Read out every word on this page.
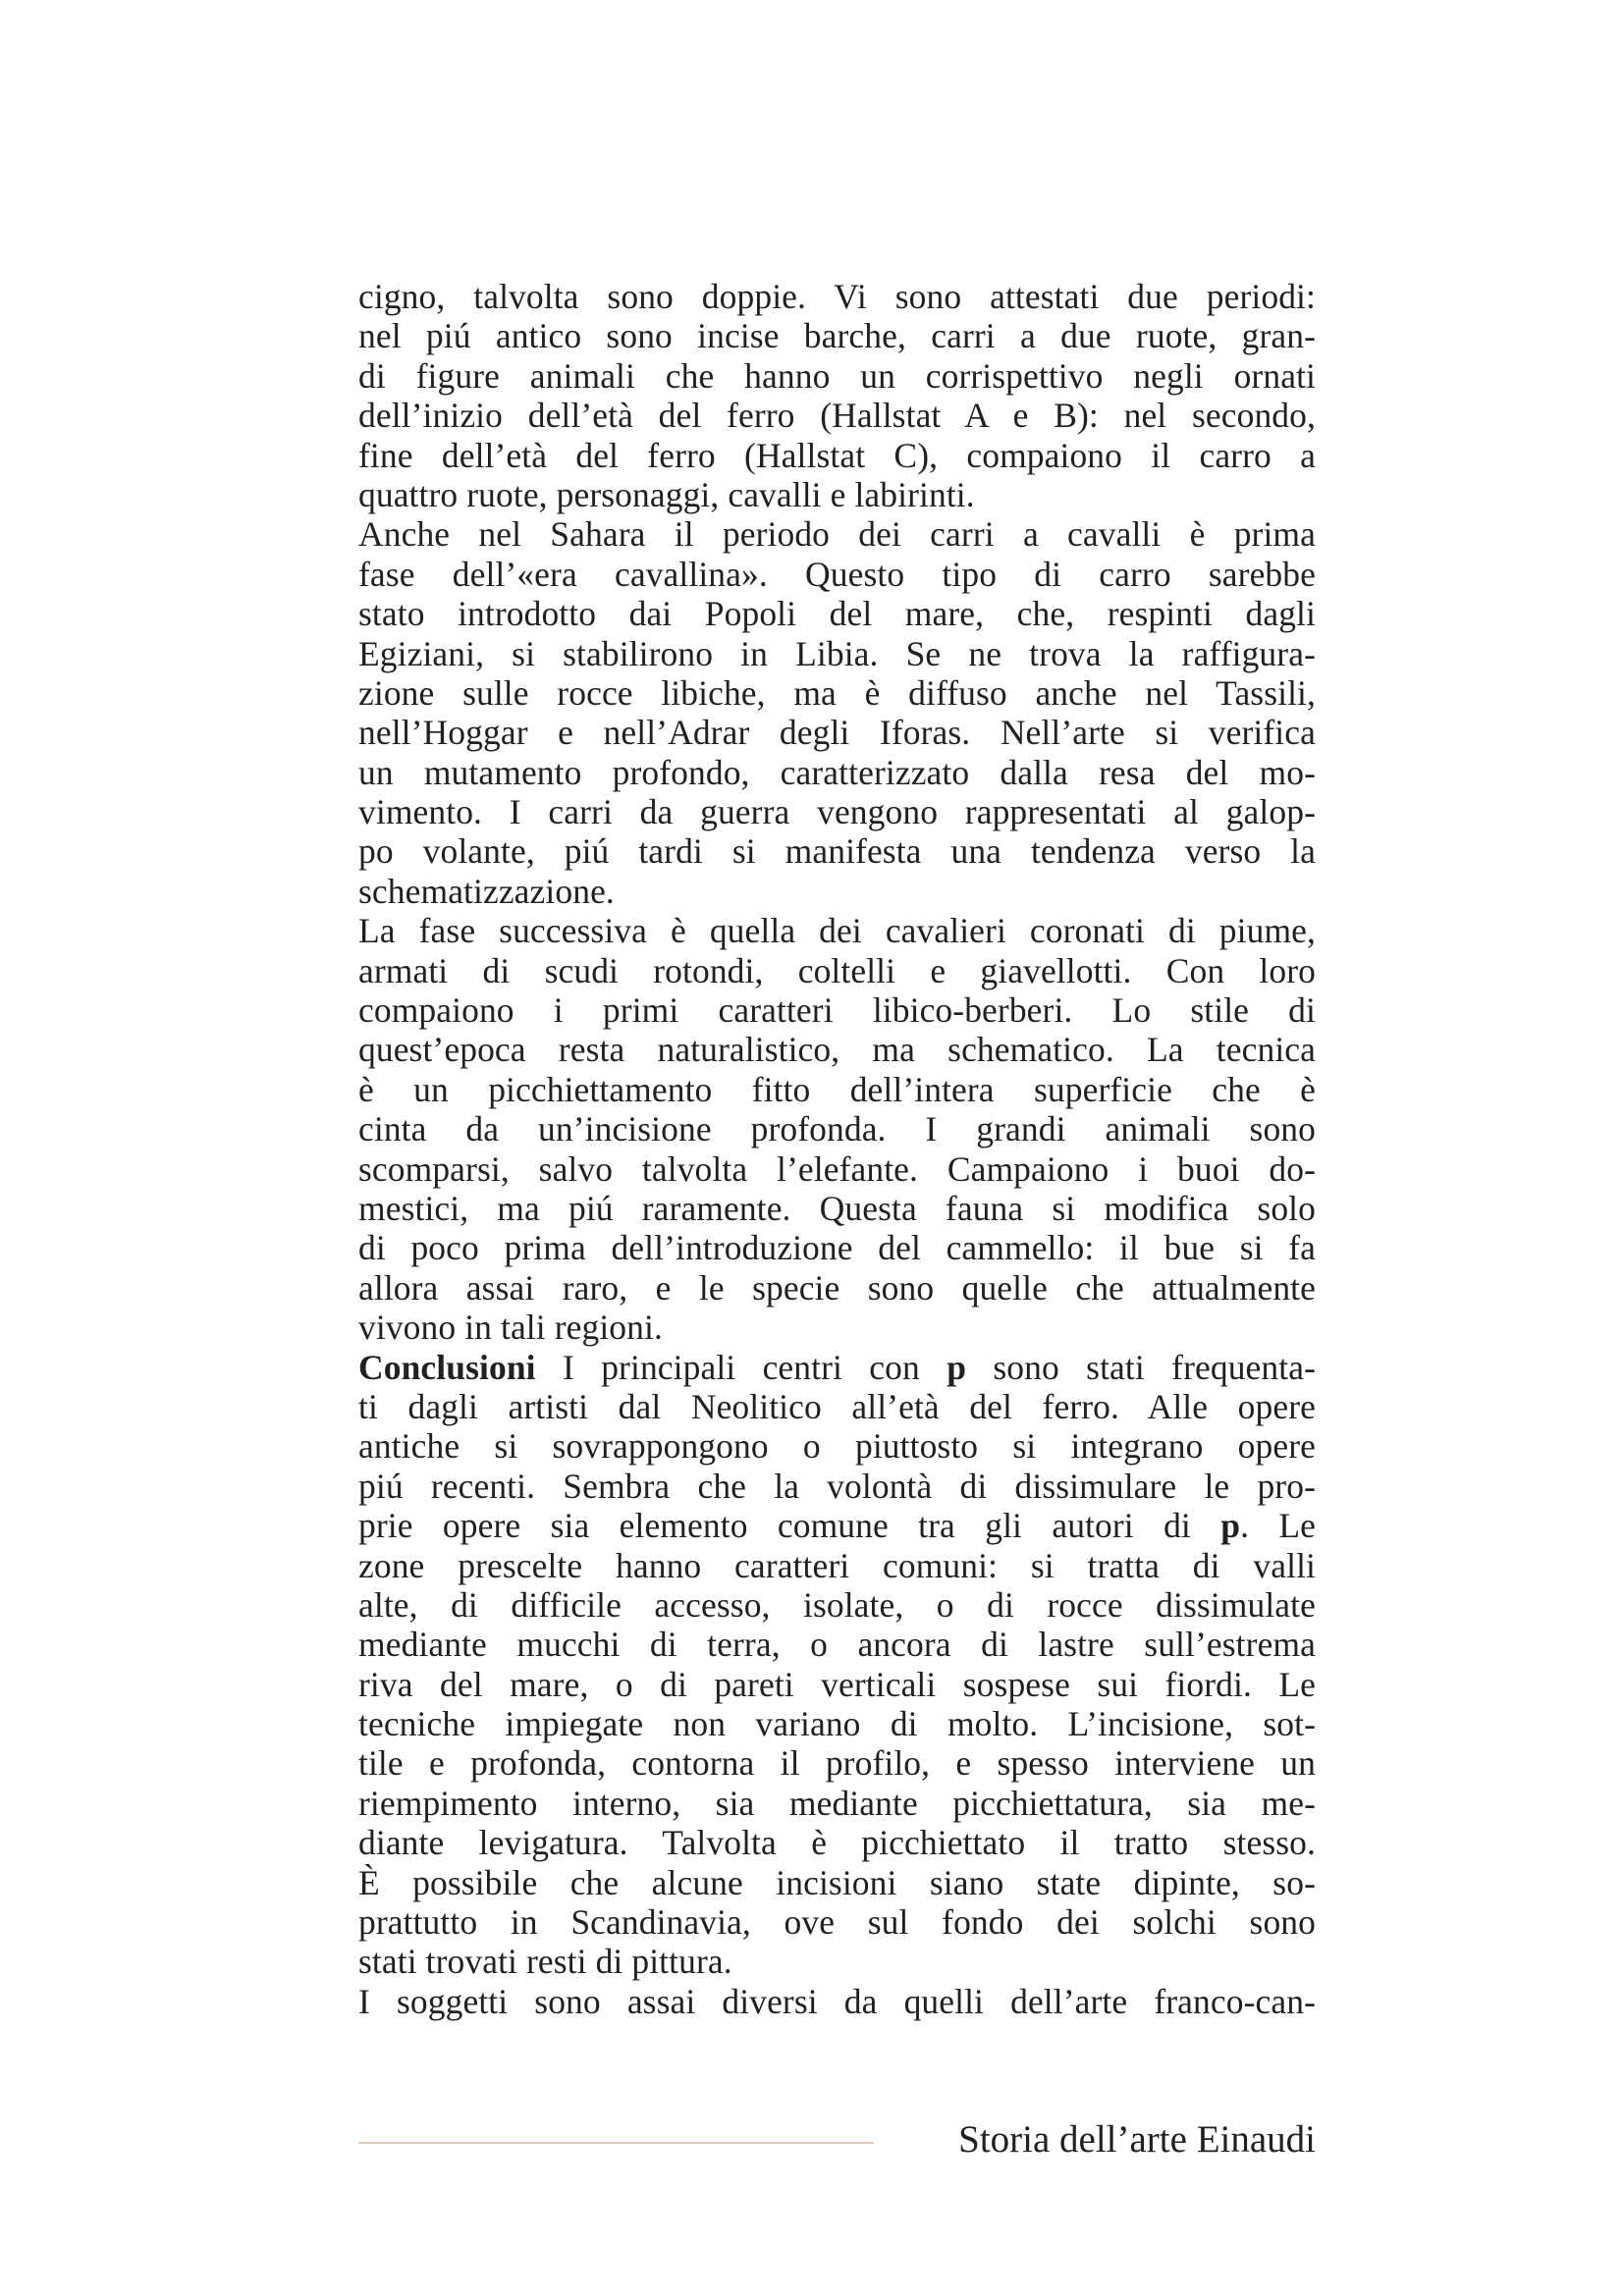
cigno, talvolta sono doppie. Vi sono attestati due periodi:
nel piú antico sono incise barche, carri a due ruote, gran-
di figure animali che hanno un corrispettivo negli ornati
dell’inizio dell’età del ferro (Hallstat A e B): nel secondo,
fine dell’età del ferro (Hallstat C), compaiono il carro a
quattro ruote, personaggi, cavalli e labirinti.
Anche nel Sahara il periodo dei carri a cavalli è prima
fase dell’«era cavallina». Questo tipo di carro sarebbe
stato introdotto dai Popoli del mare, che, respinti dagli
Egiziani, si stabilirono in Libia. Se ne trova la raffigura-
zione sulle rocce libiche, ma è diffuso anche nel Tassili,
nell’Hoggar e nell’Adrar degli Iforas. Nell’arte si verifica
un mutamento profondo, caratterizzato dalla resa del mo-
vimento. I carri da guerra vengono rappresentati al galop-
po volante, piú tardi si manifesta una tendenza verso la
schematizzazione.
La fase successiva è quella dei cavalieri coronati di piume,
armati di scudi rotondi, coltelli e giavellotti. Con loro
compaiono i primi caratteri libico-berberi. Lo stile di
quest’epoca resta naturalistico, ma schematico. La tecnica
è un picchiettamento fitto dell’intera superficie che è
cinta da un’incisione profonda. I grandi animali sono
scomparsi, salvo talvolta l’elefante. Campaiono i buoi do-
mestici, ma piú raramente. Questa fauna si modifica solo
di poco prima dell’introduzione del cammello: il bue si fa
allora assai raro, e le specie sono quelle che attualmente
vivono in tali regioni.
Conclusioni I principali centri con p sono stati frequenta-
ti dagli artisti dal Neolitico all’età del ferro. Alle opere
antiche si sovrappongono o piuttosto si integrano opere
piú recenti. Sembra che la volontà di dissimulare le pro-
prie opere sia elemento comune tra gli autori di p. Le
zone prescelte hanno caratteri comuni: si tratta di valli
alte, di difficile accesso, isolate, o di rocce dissimulate
mediante mucchi di terra, o ancora di lastre sull’estrema
riva del mare, o di pareti verticali sospese sui fiordi. Le
tecniche impiegate non variano di molto. L’incisione, sot-
tile e profonda, contorna il profilo, e spesso interviene un
riempimento interno, sia mediante picchiettatura, sia me-
diante levigatura. Talvolta è picchiettato il tratto stesso.
È possibile che alcune incisioni siano state dipinte, so-
prattutto in Scandinavia, ove sul fondo dei solchi sono
stati trovati resti di pittura.
I soggetti sono assai diversi da quelli dell’arte franco-can-
Storia dell’arte Einaudi
